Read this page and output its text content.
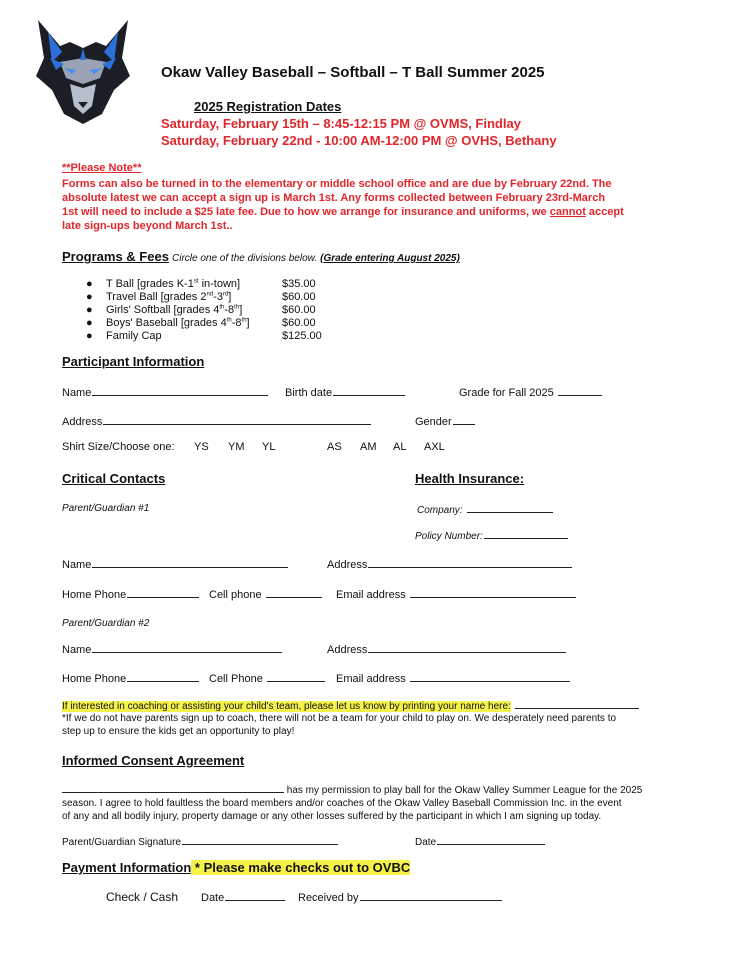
Okaw Valley Baseball – Softball – T Ball Summer 2025
2025 Registration Dates
Saturday, February 15th – 8:45-12:15 PM @ OVMS, Findlay
Saturday, February 22nd - 10:00 AM-12:00 PM @ OVHS, Bethany
**Please Note**
Forms can also be turned in to the elementary or middle school office and are due by February 22nd. The
absolute latest we can accept a sign up is March 1st. Any forms collected between February 23rd-March
1st will need to include a $25 late fee. Due to how we arrange for insurance and uniforms, we cannot accept
late sign-ups beyond March 1st..
Programs & Fees Circle one of the divisions below. (Grade entering August 2025)
● T Ball [grades K-1st in-town]	$35.00
● Travel Ball [grades 2nd-3rd]	$60.00
● Girls' Softball [grades 4th-8th]	$60.00
● Boys' Baseball [grades 4th-8th]	$60.00
● Family Cap	$125.00
Participant Information
Name	Birth date	Grade for Fall 2025
Address	Gender
Shirt Size/Choose one: YS YM YL	AS AM AL AXL
Critical Contacts	Health Insurance:
Parent/Guardian #1	Company:
Policy Number:
Name	Address
Home Phone	Cell phone	Email address
Parent/Guardian #2
Name	Address
Home Phone	Cell Phone	Email address
If interested in coaching or assisting your child's team, please let us know by printing your name here:
*If we do not have parents sign up to coach, there will not be a team for your child to play on. We desperately need parents to
step up to ensure the kids get an opportunity to play!
Informed Consent Agreement
has my permission to play ball for the Okaw Valley Summer League for the 2025
season. I agree to hold faultless the board members and/or coaches of the Okaw Valley Baseball Commission Inc. in the event
of any and all bodily injury, property damage or any other losses suffered by the participant in which I am signing up today.
Parent/Guardian Signature	Date
Payment Information * Please make checks out to OVBC
Check / Cash Date	Received by
